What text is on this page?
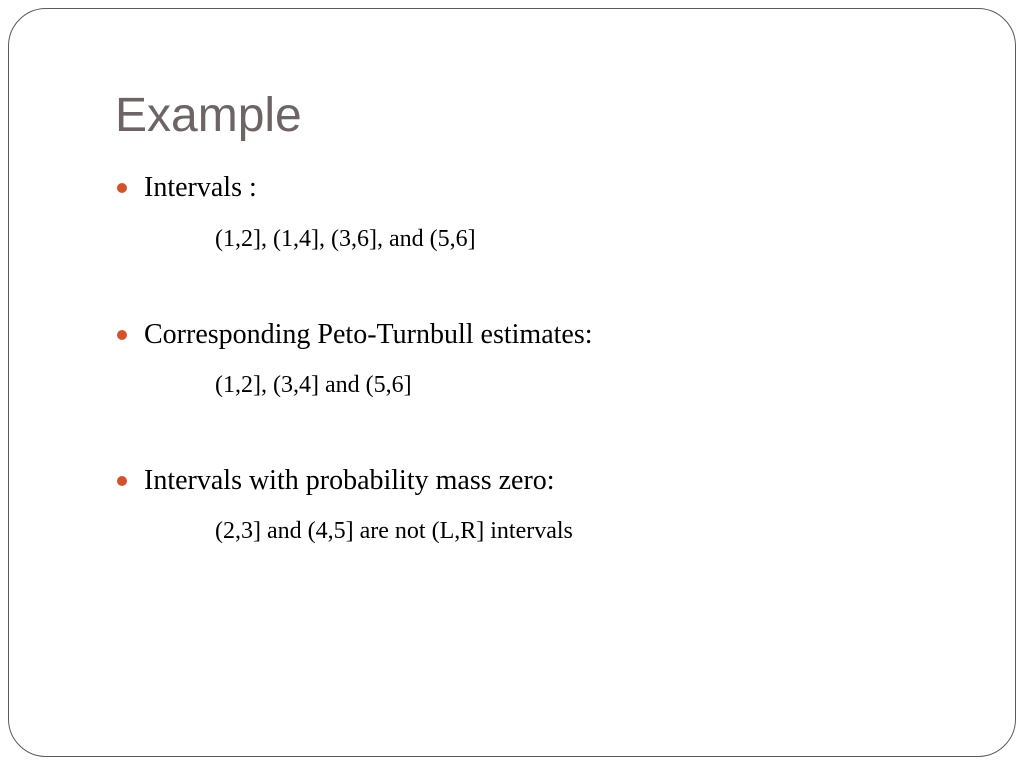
Example
Intervals :
(1,2], (1,4], (3,6], and (5,6]
Corresponding Peto-Turnbull estimates:
(1,2], (3,4] and (5,6]
Intervals with probability mass zero:
(2,3] and (4,5] are not (L,R] intervals
